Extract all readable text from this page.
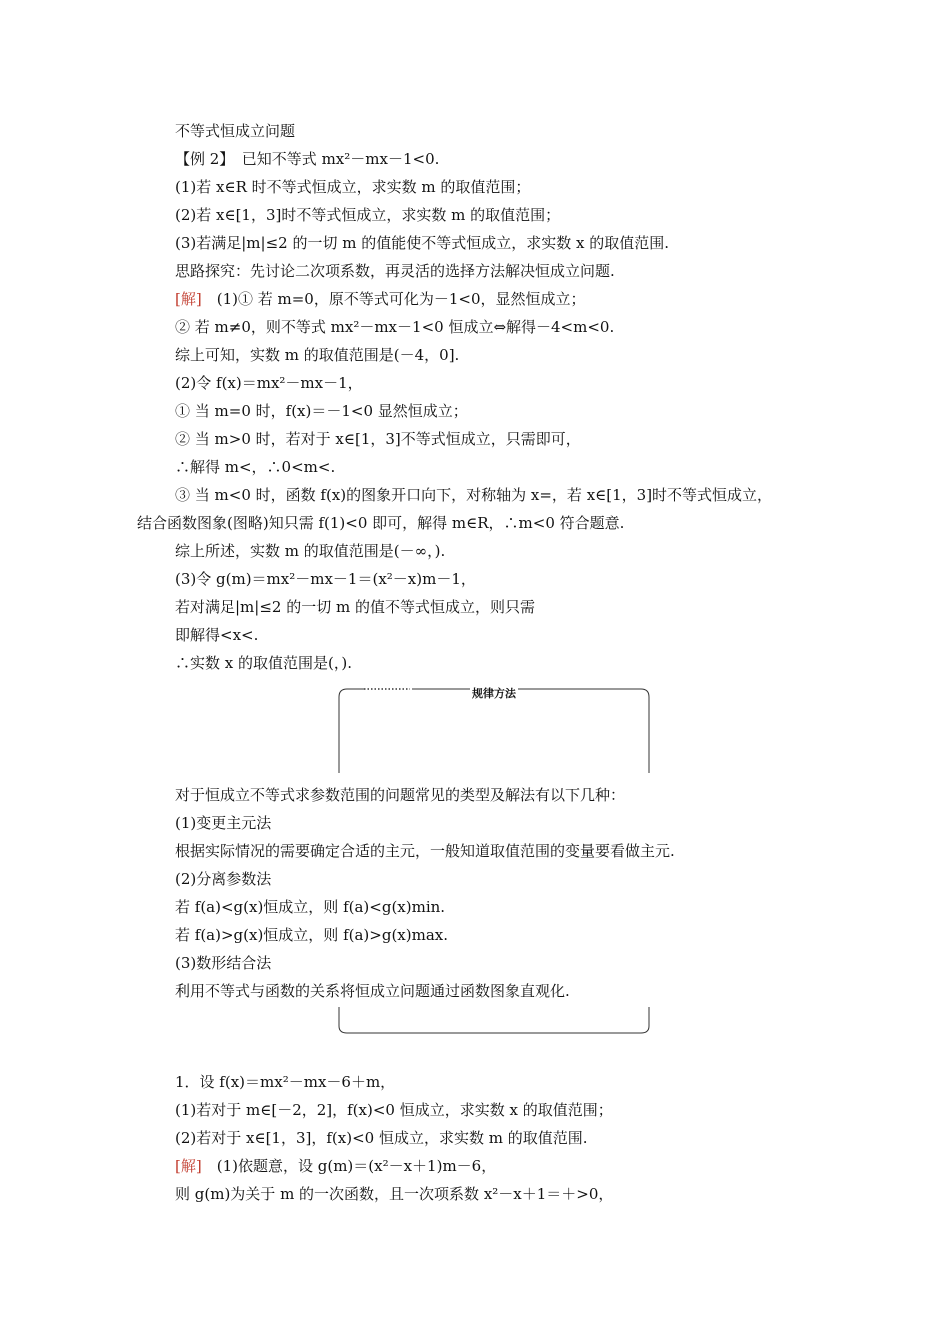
不等式恒成立问题
【例 2】　已知不等式 mx²－mx－1<0.
(1)若 x∈R 时不等式恒成立，求实数 m 的取值范围；
(2)若 x∈[1，3]时不等式恒成立，求实数 m 的取值范围；
(3)若满足|m|≤2 的一切 m 的值能使不等式恒成立，求实数 x 的取值范围.
思路探究：先讨论二次项系数，再灵活的选择方法解决恒成立问题.
[解]　(1)① 若 m=0，原不等式可化为－1<0，显然恒成立；
② 若 m≠0，则不等式 mx²－mx－1<0 恒成立⇔解得－4<m<0.
综上可知，实数 m 的取值范围是(－4，0].
(2)令 f(x)＝mx²－mx－1，
① 当 m=0 时，f(x)＝－1<0 显然恒成立；
② 当 m>0 时，若对于 x∈[1，3]不等式恒成立，只需即可，
∴解得 m<，∴0<m<.
③ 当 m<0 时，函数 f(x)的图象开口向下，对称轴为 x=，若 x∈[1，3]时不等式恒成立，
结合函数图象(图略)知只需 f(1)<0 即可，解得 m∈R，∴m<0 符合题意.
综上所述，实数 m 的取值范围是(－∞，).
(3)令 g(m)＝mx²－mx－1＝(x²－x)m－1，
若对满足|m|≤2 的一切 m 的值不等式恒成立，则只需
即解得<x<.
∴实数 x 的取值范围是(，).
规律方法
对于恒成立不等式求参数范围的问题常见的类型及解法有以下几种：
(1)变更主元法
根据实际情况的需要确定合适的主元，一般知道取值范围的变量要看做主元.
(2)分离参数法
若 f(a)<g(x)恒成立，则 f(a)<g(x)min.
若 f(a)>g(x)恒成立，则 f(a)>g(x)max.
(3)数形结合法
利用不等式与函数的关系将恒成立问题通过函数图象直观化.
1．设 f(x)＝mx²－mx－6＋m，
(1)若对于 m∈[－2，2]，f(x)<0 恒成立，求实数 x 的取值范围；
(2)若对于 x∈[1，3]，f(x)<0 恒成立，求实数 m 的取值范围.
[解]　(1)依题意，设 g(m)＝(x²－x＋1)m－6，
则 g(m)为关于 m 的一次函数，且一次项系数 x²－x＋1＝＋>0，
